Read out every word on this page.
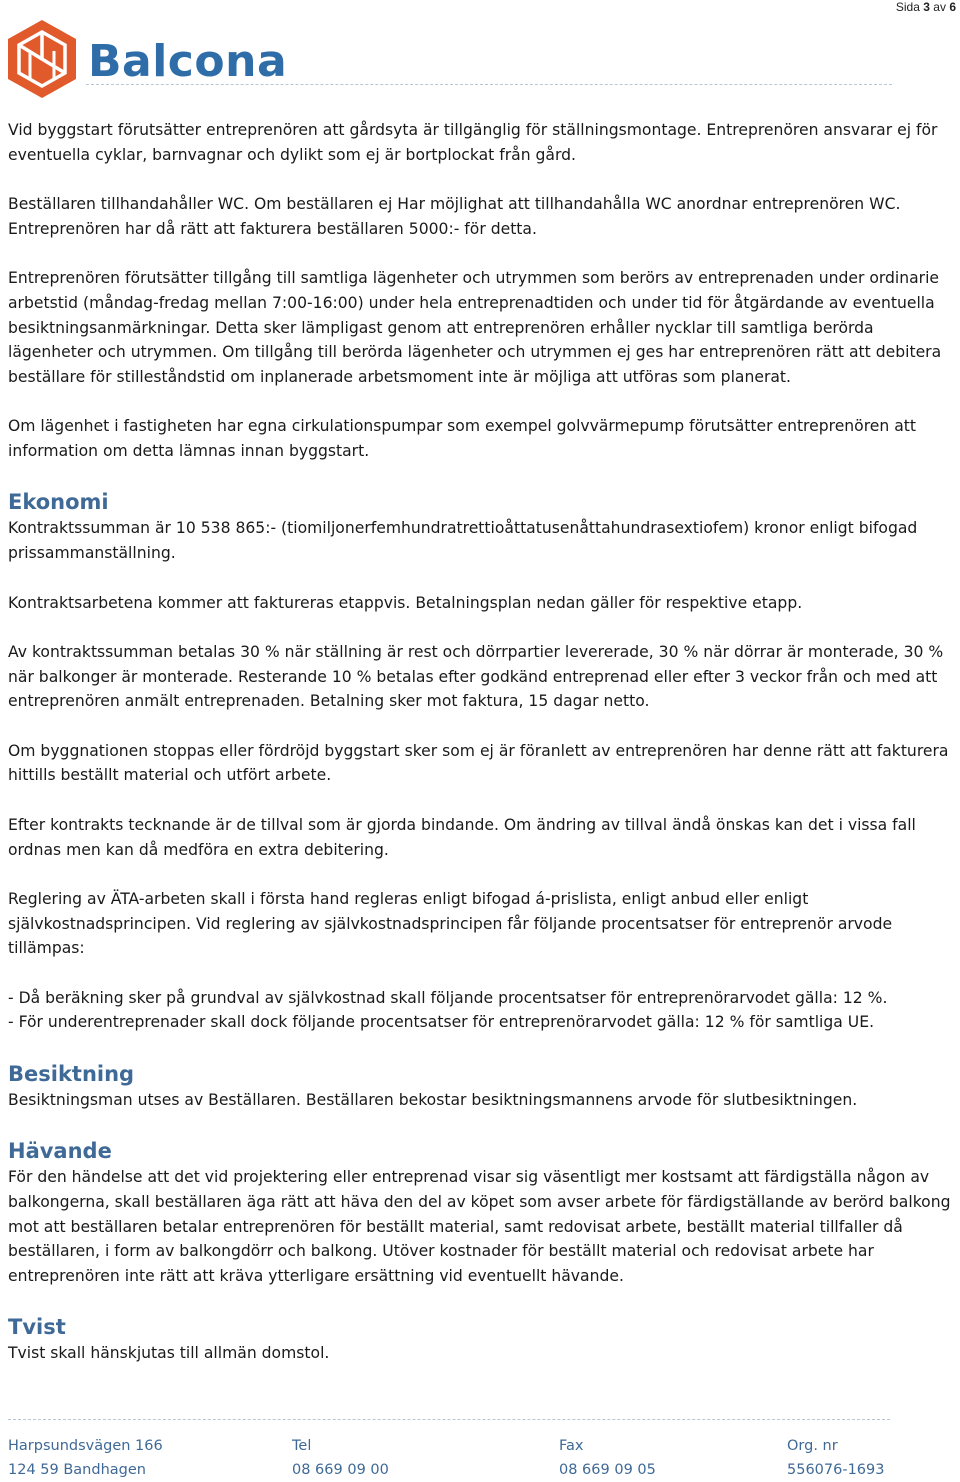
Sida 3 av 6
Balcona

Vid byggstart förutsätter entreprenören att gårdsyta är tillgänglig för ställningsmontage. Entreprenören ansvarar ej för eventuella cyklar, barnvagnar och dylikt som ej är bortplockat från gård.

Beställaren tillhandahåller WC. Om beställaren ej Har möjlighat att tillhandahålla WC anordnar entreprenören WC. Entreprenören har då rätt att fakturera beställaren 5000:- för detta.

Entreprenören förutsätter tillgång till samtliga lägenheter och utrymmen som berörs av entreprenaden under ordinarie arbetstid (måndag-fredag mellan 7:00-16:00) under hela entreprenadtiden och under tid för åtgärdande av eventuella besiktningsanmärkningar. Detta sker lämpligast genom att entreprenören erhåller nycklar till samtliga berörda lägenheter och utrymmen. Om tillgång till berörda lägenheter och utrymmen ej ges har entreprenören rätt att debitera beställare för stilleståndstid om inplanerade arbetsmoment inte är möjliga att utföras som planerat.

Om lägenhet i fastigheten har egna cirkulationspumpar som exempel golvvärmepump förutsätter entreprenören att information om detta lämnas innan byggstart.

Ekonomi

Kontraktssumman är 10 538 865:- (tiomiljonerfemhundratrettioåttatusenåttahundrasextiofem) kronor enligt bifogad prissammanställning.

Kontraktsarbetena kommer att faktureras etappvis. Betalningsplan nedan gäller för respektive etapp.

Av kontraktssumman betalas 30 % när ställning är rest och dörrpartier levererade, 30 % när dörrar är monterade, 30 % när balkonger är monterade. Resterande 10 % betalas efter godkänd entreprenad eller efter 3 veckor från och med att entreprenören anmält entreprenaden. Betalning sker mot faktura, 15 dagar netto.

Om byggnationen stoppas eller fördröjd byggstart sker som ej är föranlett av entreprenören har denne rätt att fakturera hittills beställt material och utfört arbete.

Efter kontrakts tecknande är de tillval som är gjorda bindande. Om ändring av tillval ändå önskas kan det i vissa fall ordnas men kan då medföra en extra debitering.

Reglering av ÄTA-arbeten skall i första hand regleras enligt bifogad á-prislista, enligt anbud eller enligt självkostnadsprincipen. Vid reglering av självkostnadsprincipen får följande procentsatser för entreprenör arvode tillämpas:

- Då beräkning sker på grundval av självkostnad skall följande procentsatser för entreprenörarvodet gälla: 12 %.

- För underentreprenader skall dock följande procentsatser för entreprenörarvodet gälla: 12 % för samtliga UE.

Besiktning

Besiktningsman utses av Beställaren. Beställaren bekostar besiktningsmannens arvode för slutbesiktningen.

Hävande

För den händelse att det vid projektering eller entreprenad visar sig väsentligt mer kostsamt att färdigställa någon av balkongerna, skall beställaren äga rätt att häva den del av köpet som avser arbete för färdigställande av berörd balkong mot att beställaren betalar entreprenören för beställt material, samt redovisat arbete, beställt material tillfaller då beställaren, i form av balkongdörr och balkong. Utöver kostnader för beställt material och redovisat arbete har entreprenören inte rätt att kräva ytterligare ersättning vid eventuellt hävande.

Tvist

Tvist skall hänskjutas till allmän domstol.

Harpsundsvägen 166
124 59 Bandhagen
Tel
08 669 09 00
Fax
08 669 09 05
Org. nr
556076-1693
